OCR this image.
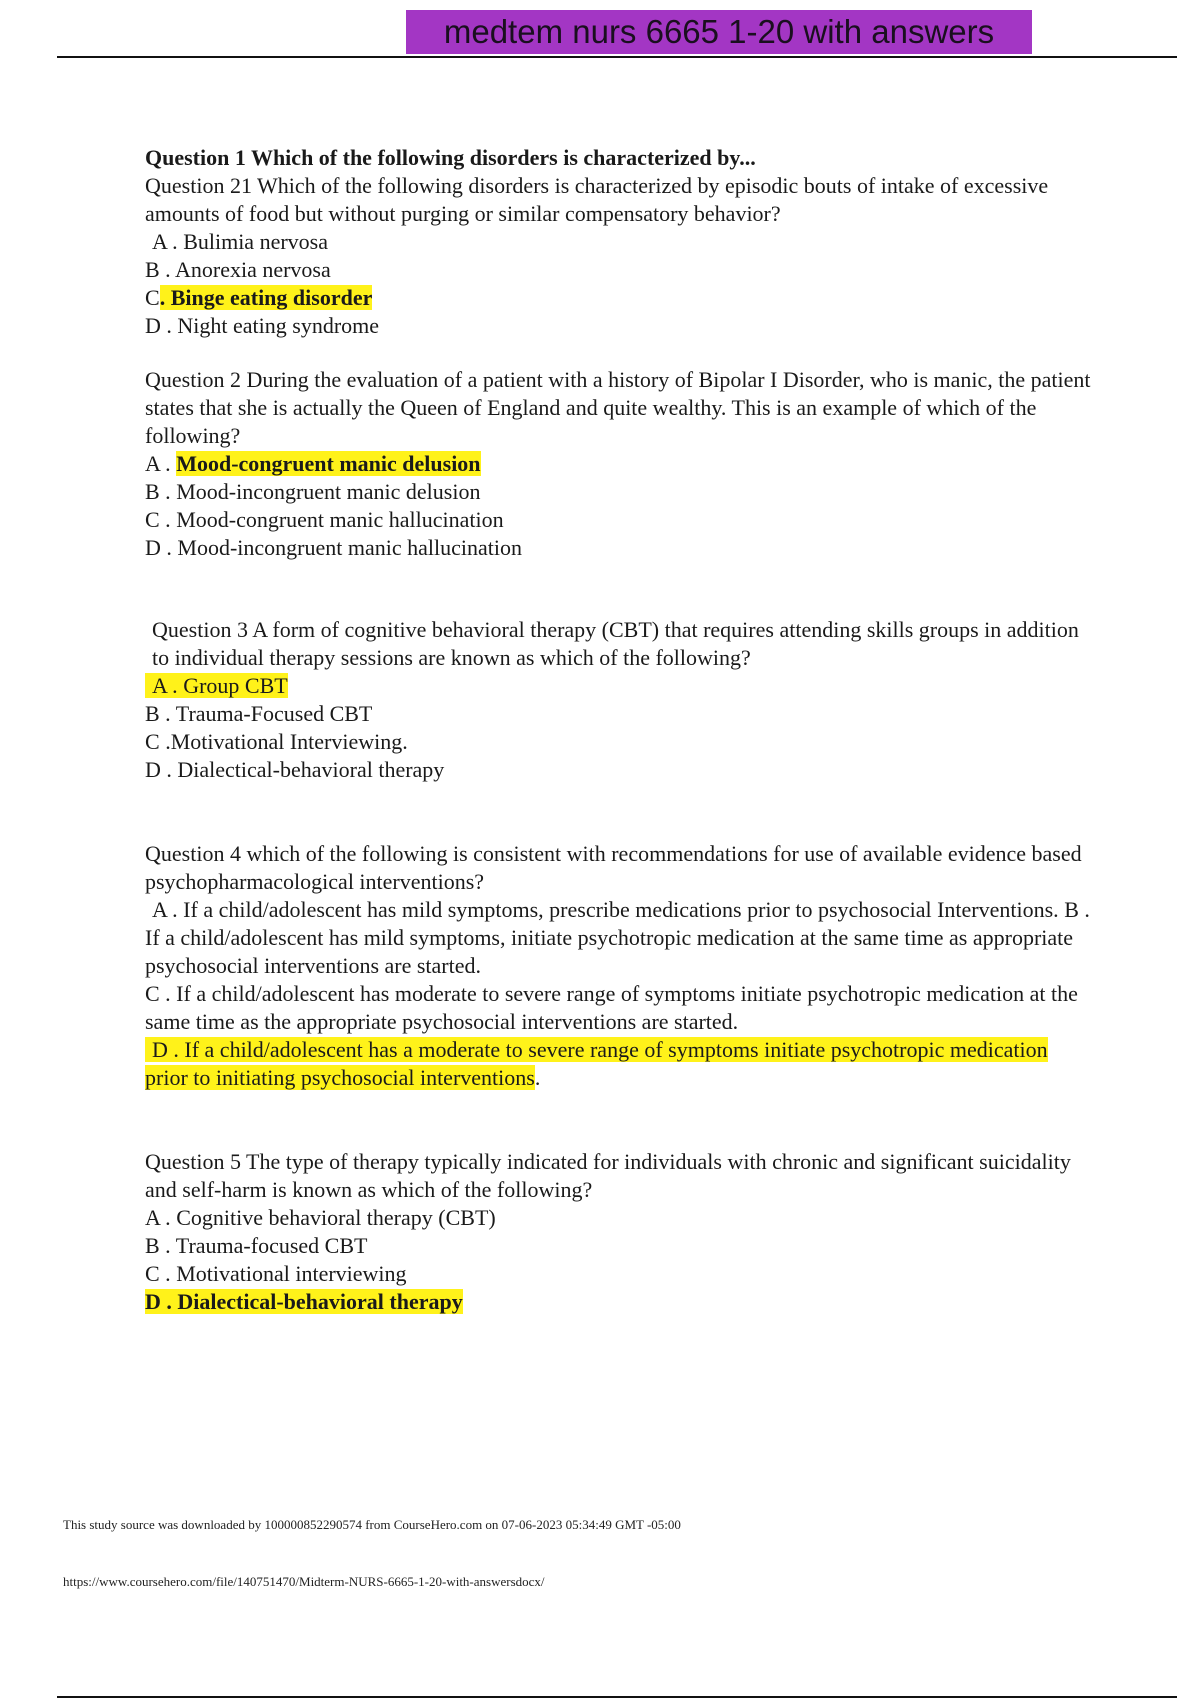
medtem nurs 6665 1-20 with answers

Question 1 Which of the following disorders is characterized by...

Question 21 Which of the following disorders is characterized by episodic bouts of intake of excessive amounts of food but without purging or similar compensatory behavior?

A . Bulimia nervosa

B . Anorexia nervosa

C. Binge eating disorder

D . Night eating syndrome

Question 2 During the evaluation of a patient with a history of Bipolar I Disorder, who is manic, the patient states that she is actually the Queen of England and quite wealthy. This is an example of which of the following?

A . Mood-congruent manic delusion

B . Mood-incongruent manic delusion

C . Mood-congruent manic hallucination

D . Mood-incongruent manic hallucination

Question 3 A form of cognitive behavioral therapy (CBT) that requires attending skills groups in addition to individual therapy sessions are known as which of the following?

A . Group CBT

B . Trauma-Focused CBT

C .Motivational Interviewing.

D . Dialectical-behavioral therapy

Question 4 which of the following is consistent with recommendations for use of available evidence based psychopharmacological interventions?

A . If a child/adolescent has mild symptoms, prescribe medications prior to psychosocial Interventions. B . If a child/adolescent has mild symptoms, initiate psychotropic medication at the same time as appropriate psychosocial interventions are started.

C . If a child/adolescent has moderate to severe range of symptoms initiate psychotropic medication at the same time as the appropriate psychosocial interventions are started.

D . If a child/adolescent has a moderate to severe range of symptoms initiate psychotropic medication prior to initiating psychosocial interventions.

Question 5 The type of therapy typically indicated for individuals with chronic and significant suicidality and self-harm is known as which of the following?

A . Cognitive behavioral therapy (CBT)

B . Trauma-focused CBT

C . Motivational interviewing

D . Dialectical-behavioral therapy

This study source was downloaded by 100000852290574 from CourseHero.com on 07-06-2023 05:34:49 GMT -05:00
https://www.coursehero.com/file/140751470/Midterm-NURS-6665-1-20-with-answersdocx/
